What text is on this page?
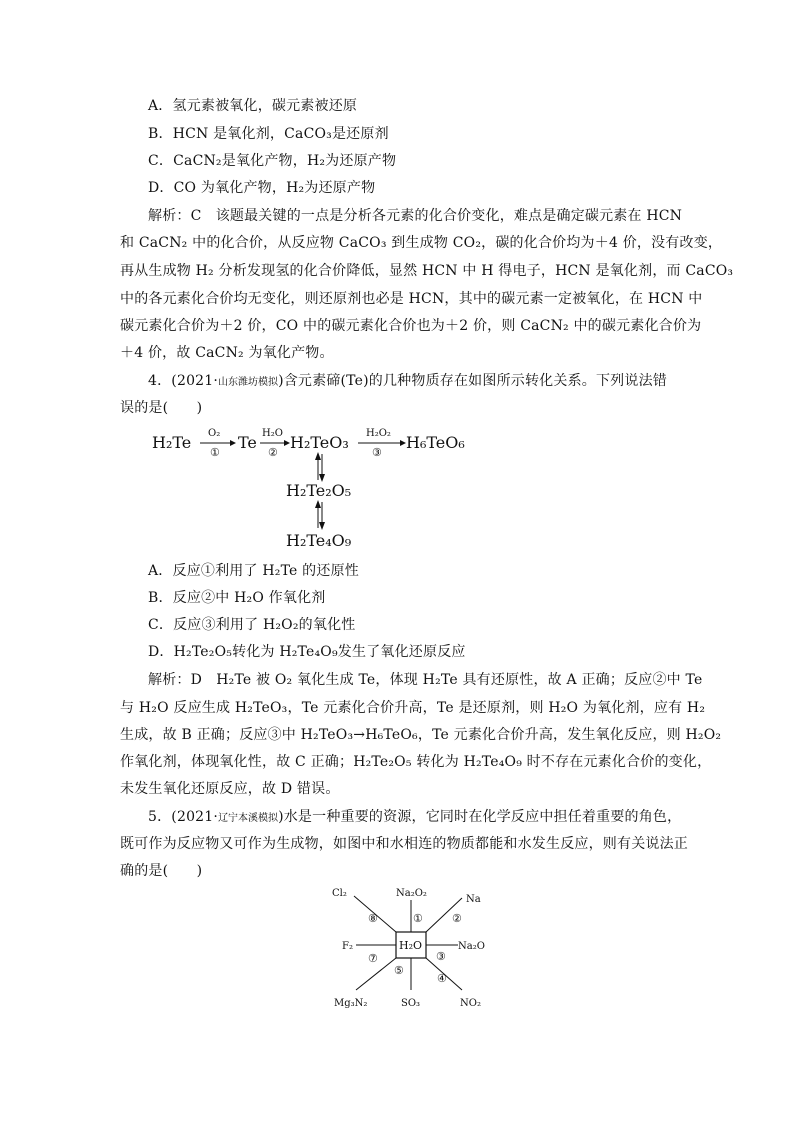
A．氢元素被氧化，碳元素被还原
B．HCN 是氧化剂，CaCO₃是还原剂
C．CaCN₂是氧化产物，H₂为还原产物
D．CO 为氧化产物，H₂为还原产物
解析：C　该题最关键的一点是分析各元素的化合价变化，难点是确定碳元素在 HCN
和 CaCN₂ 中的化合价，从反应物 CaCO₃ 到生成物 CO₂，碳的化合价均为＋4 价，没有改变，
再从生成物 H₂ 分析发现氢的化合价降低，显然 HCN 中 H 得电子，HCN 是氧化剂，而 CaCO₃
中的各元素化合价均无变化，则还原剂也必是 HCN，其中的碳元素一定被氧化，在 HCN 中
碳元素化合价为＋2 价，CO 中的碳元素化合价也为＋2 价，则 CaCN₂ 中的碳元素化合价为
＋4 价，故 CaCN₂ 为氧化产物。
4．(2021·山东潍坊模拟)含元素碲(Te)的几种物质存在如图所示转化关系。下列说法错
误的是(　　)
H₂Te O₂
①
Te H₂O
②
H₂TeO₃ H₂O₂
③
H₆TeO₆
H₂Te₂O₅
H₂Te₄O₉
A．反应①利用了 H₂Te 的还原性
B．反应②中 H₂O 作氧化剂
C．反应③利用了 H₂O₂的氧化性
D．H₂Te₂O₅转化为 H₂Te₄O₉发生了氧化还原反应
解析：D　H₂Te 被 O₂ 氧化生成 Te，体现 H₂Te 具有还原性，故 A 正确；反应②中 Te
与 H₂O 反应生成 H₂TeO₃，Te 元素化合价升高，Te 是还原剂，则 H₂O 为氧化剂，应有 H₂
生成，故 B 正确；反应③中 H₂TeO₃→H₆TeO₆，Te 元素化合价升高，发生氧化反应，则 H₂O₂
作氧化剂，体现氧化性，故 C 正确；H₂Te₂O₅ 转化为 H₂Te₄O₉ 时不存在元素化合价的变化，
未发生氧化还原反应，故 D 错误。
5．(2021·辽宁本溪模拟)水是一种重要的资源，它同时在化学反应中担任着重要的角色，
既可作为反应物又可作为生成物，如图中和水相连的物质都能和水发生反应，则有关说法正
确的是(　　)
H₂O
Cl₂	Na₂O₂
Na
Na₂O
NO₂
SO₃
Mg₃N₂
F₂
①	②
③
④
⑤
⑦
⑧
